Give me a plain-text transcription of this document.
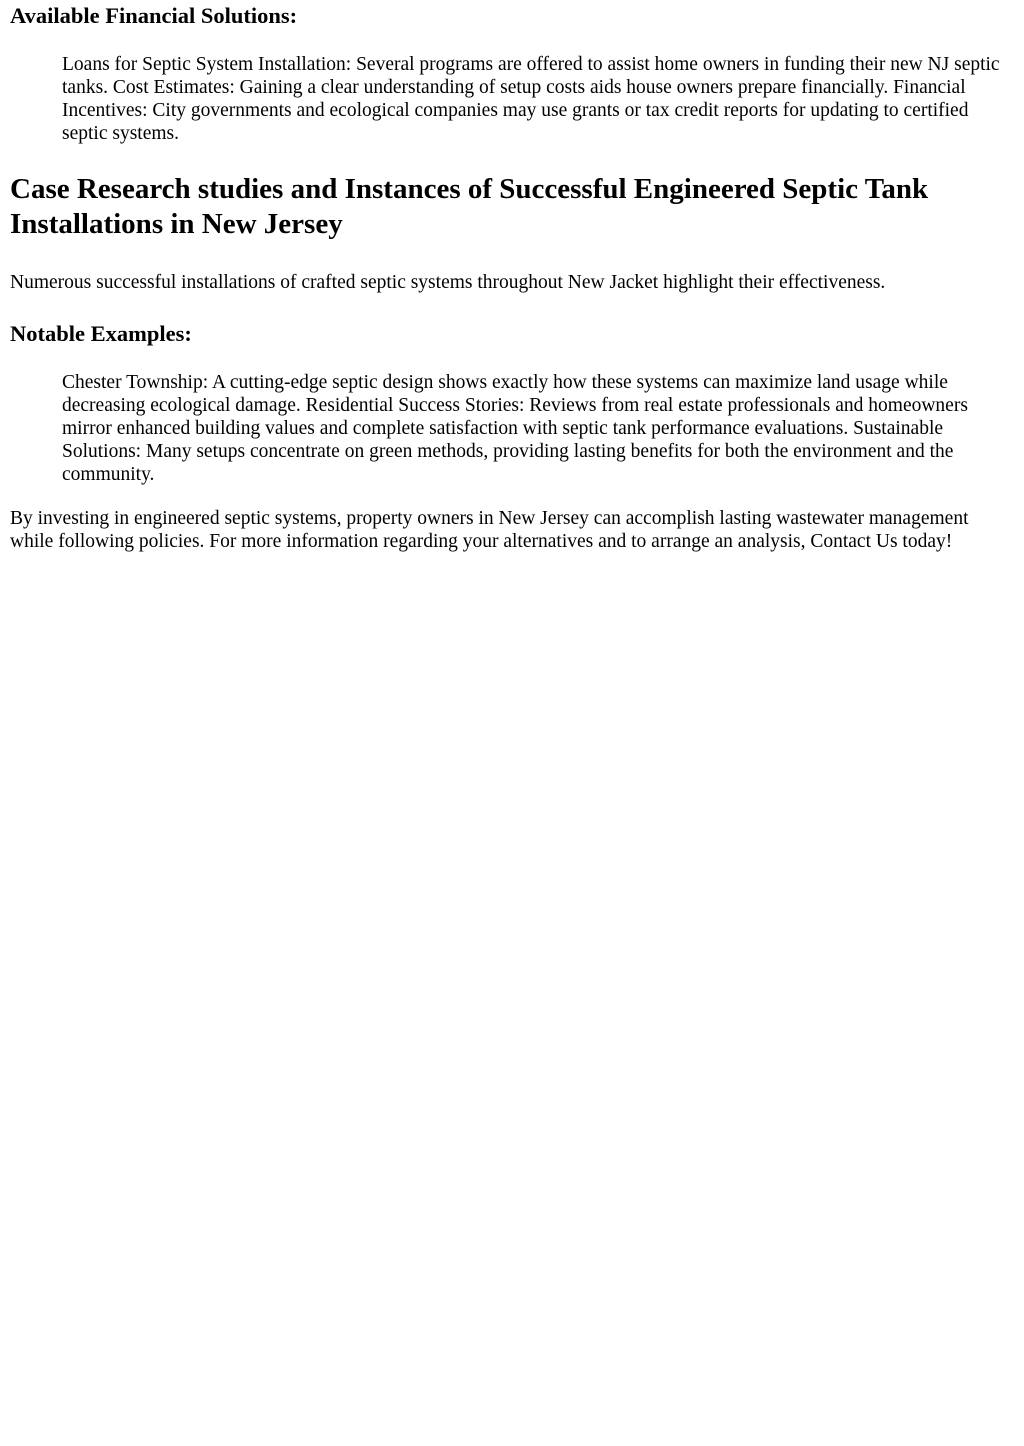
Available Financial Solutions:

Loans for Septic System Installation: Several programs are offered to assist home owners in funding their new NJ septic tanks. Cost Estimates: Gaining a clear understanding of setup costs aids house owners prepare financially. Financial Incentives: City governments and ecological companies may use grants or tax credit reports for updating to certified septic systems.

Case Research studies and Instances of Successful Engineered Septic Tank Installations in New Jersey

Numerous successful installations of crafted septic systems throughout New Jacket highlight their effectiveness.

Notable Examples:

Chester Township: A cutting-edge septic design shows exactly how these systems can maximize land usage while decreasing ecological damage. Residential Success Stories: Reviews from real estate professionals and homeowners mirror enhanced building values and complete satisfaction with septic tank performance evaluations. Sustainable Solutions: Many setups concentrate on green methods, providing lasting benefits for both the environment and the community.

By investing in engineered septic systems, property owners in New Jersey can accomplish lasting wastewater management while following policies. For more information regarding your alternatives and to arrange an analysis, Contact Us today!
